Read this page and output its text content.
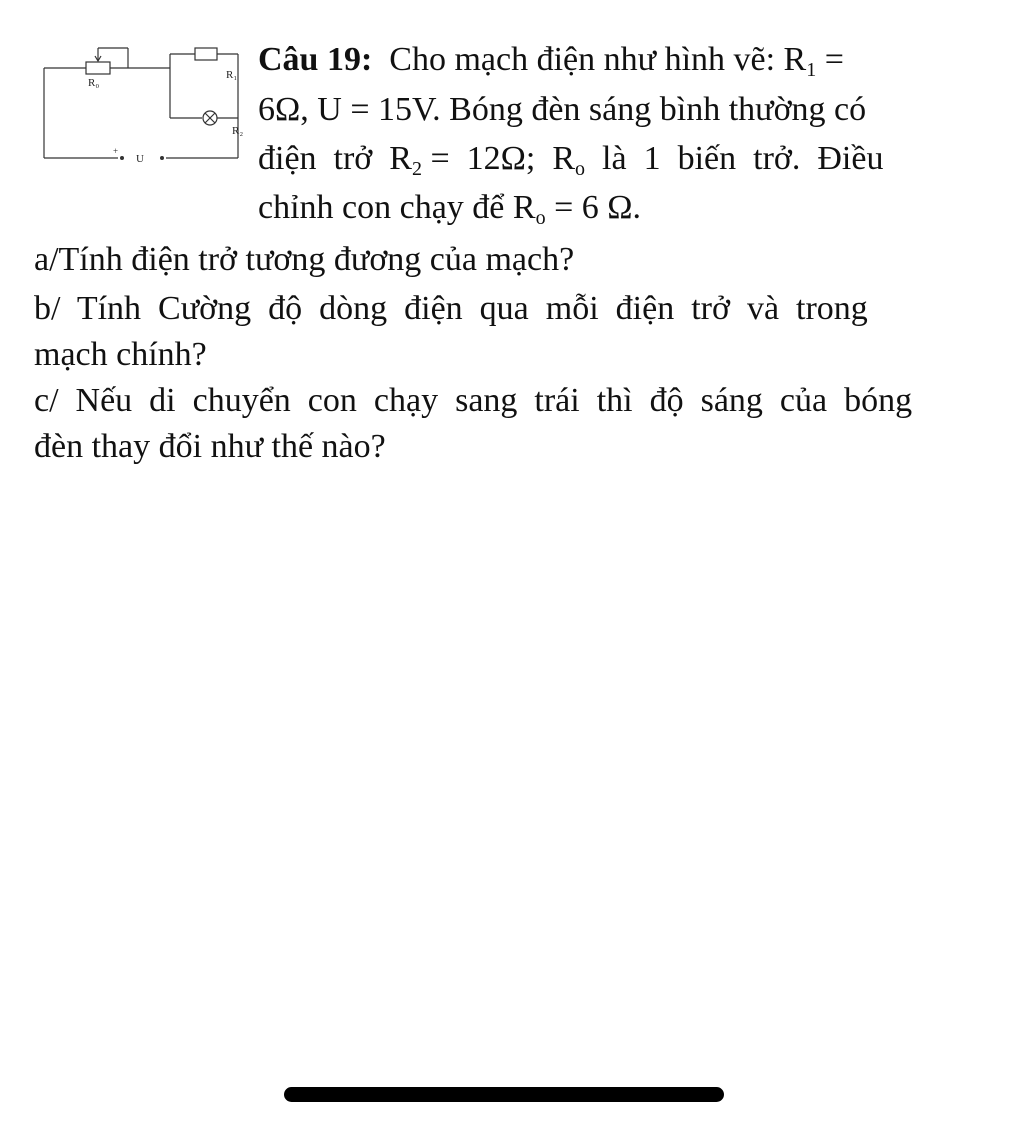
R₀
R₁
R₂
+
U
Câu 19: Cho mạch điện như hình vẽ: $R_1$ =
6Ω, U = 15V. Bóng đèn sáng bình thường có
điện  trở  $R_2 = 12\Omega$;  $R_o$  là  1  biến  trở.  Điều
chỉnh con chạy để $R_o = 6$ Ω.
a/Tính điện trở tương đương của mạch?
b/  Tính  Cường  độ  dòng  điện  qua  mỗi  điện  trở  và  trong
mạch chính?
c/  Nếu  di  chuyển  con  chạy  sang  trái  thì  độ  sáng  của  bóng
đèn thay đổi như thế nào?
